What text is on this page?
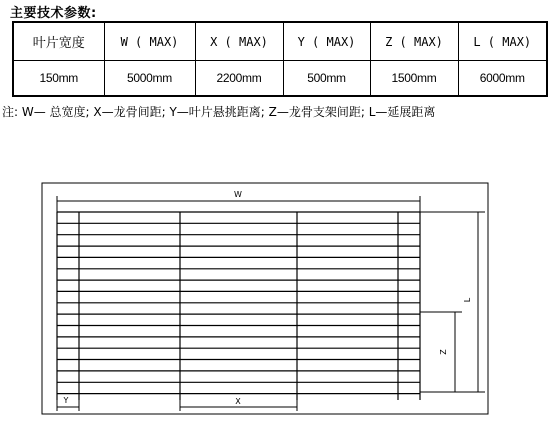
主要技术参数:
叶片宽度	W ( MAX)	X ( MAX)	Y ( MAX)	Z ( MAX)	L ( MAX)
150mm	5000mm	2200mm	500mm	1500mm	6000mm
注: W— 总宽度; X—龙骨间距; Y—叶片悬挑距离; Z—龙骨支架间距; L—延展距离
W
Y	X
Z
L
